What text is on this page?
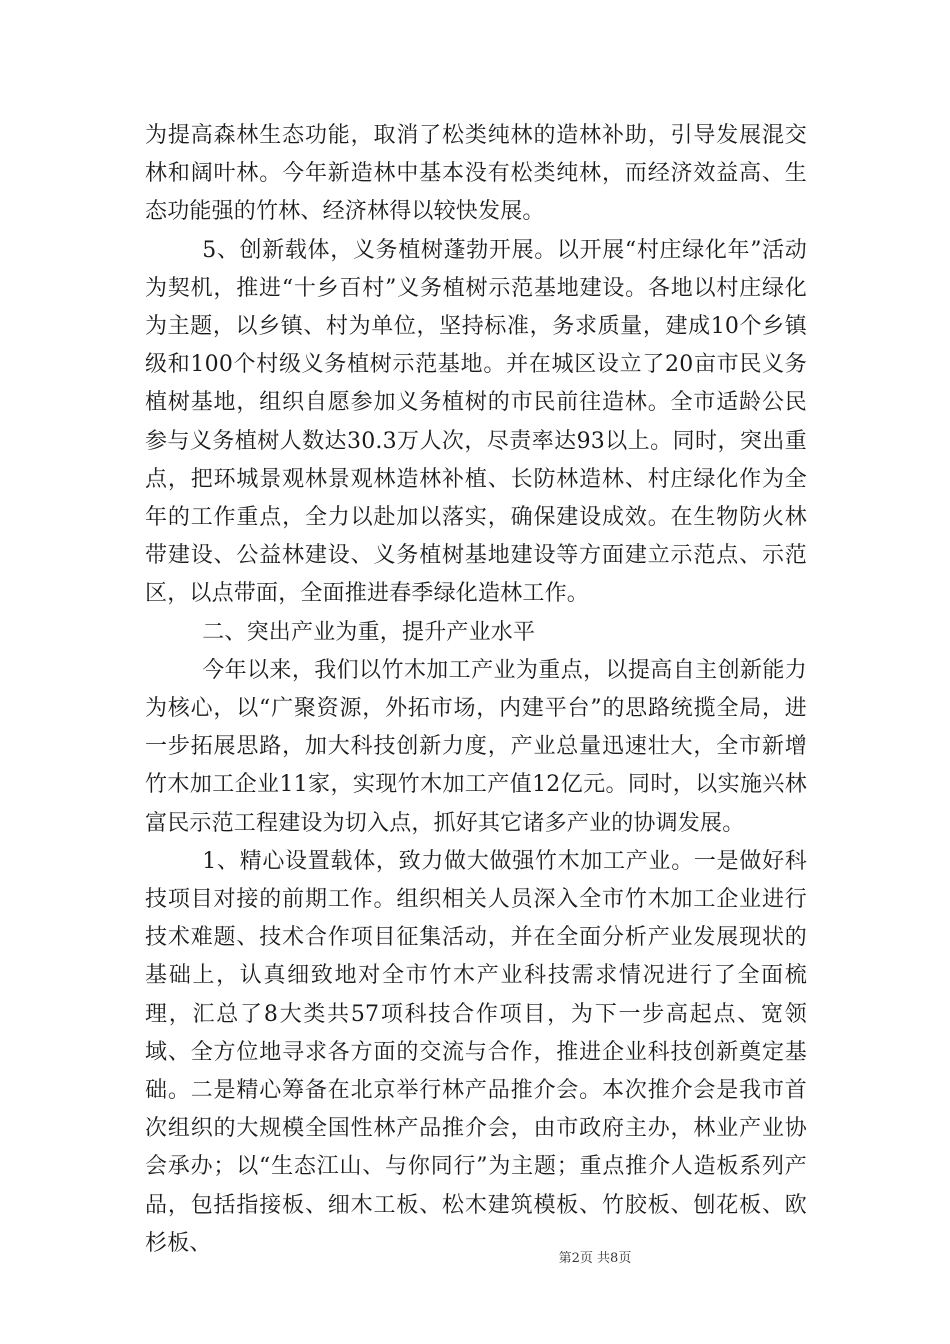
为提高森林生态功能，取消了松类纯林的造林补助，引导发展混交林和阔叶林。今年新造林中基本没有松类纯林，而经济效益高、生态功能强的竹林、经济林得以较快发展。

5、创新载体，义务植树蓬勃开展。以开展“村庄绿化年”活动为契机，推进“十乡百村”义务植树示范基地建设。各地以村庄绿化为主题，以乡镇、村为单位，坚持标准，务求质量，建成10个乡镇级和100个村级义务植树示范基地。并在城区设立了20亩市民义务植树基地，组织自愿参加义务植树的市民前往造林。全市适龄公民参与义务植树人数达30.3万人次，尽责率达93以上。同时，突出重点，把环城景观林景观林造林补植、长防林造林、村庄绿化作为全年的工作重点，全力以赴加以落实，确保建设成效。在生物防火林带建设、公益林建设、义务植树基地建设等方面建立示范点、示范区，以点带面，全面推进春季绿化造林工作。

二、突出产业为重，提升产业水平

今年以来，我们以竹木加工产业为重点，以提高自主创新能力为核心，以“广聚资源，外拓市场，内建平台”的思路统揽全局，进一步拓展思路，加大科技创新力度，产业总量迅速壮大，全市新增竹木加工企业11家，实现竹木加工产值12亿元。同时，以实施兴林富民示范工程建设为切入点，抓好其它诸多产业的协调发展。

1、精心设置载体，致力做大做强竹木加工产业。一是做好科技项目对接的前期工作。组织相关人员深入全市竹木加工企业进行技术难题、技术合作项目征集活动，并在全面分析产业发展现状的基础上，认真细致地对全市竹木产业科技需求情况进行了全面梳理，汇总了8大类共57项科技合作项目，为下一步高起点、宽领域、全方位地寻求各方面的交流与合作，推进企业科技创新奠定基础。二是精心筹备在北京举行林产品推介会。本次推介会是我市首次组织的大规模全国性林产品推介会，由市政府主办，林业产业协会承办；以“生态江山、与你同行”为主题；重点推介人造板系列产品，包括指接板、细木工板、松木建筑模板、竹胶板、刨花板、欧杉板、

第2页 共8页
